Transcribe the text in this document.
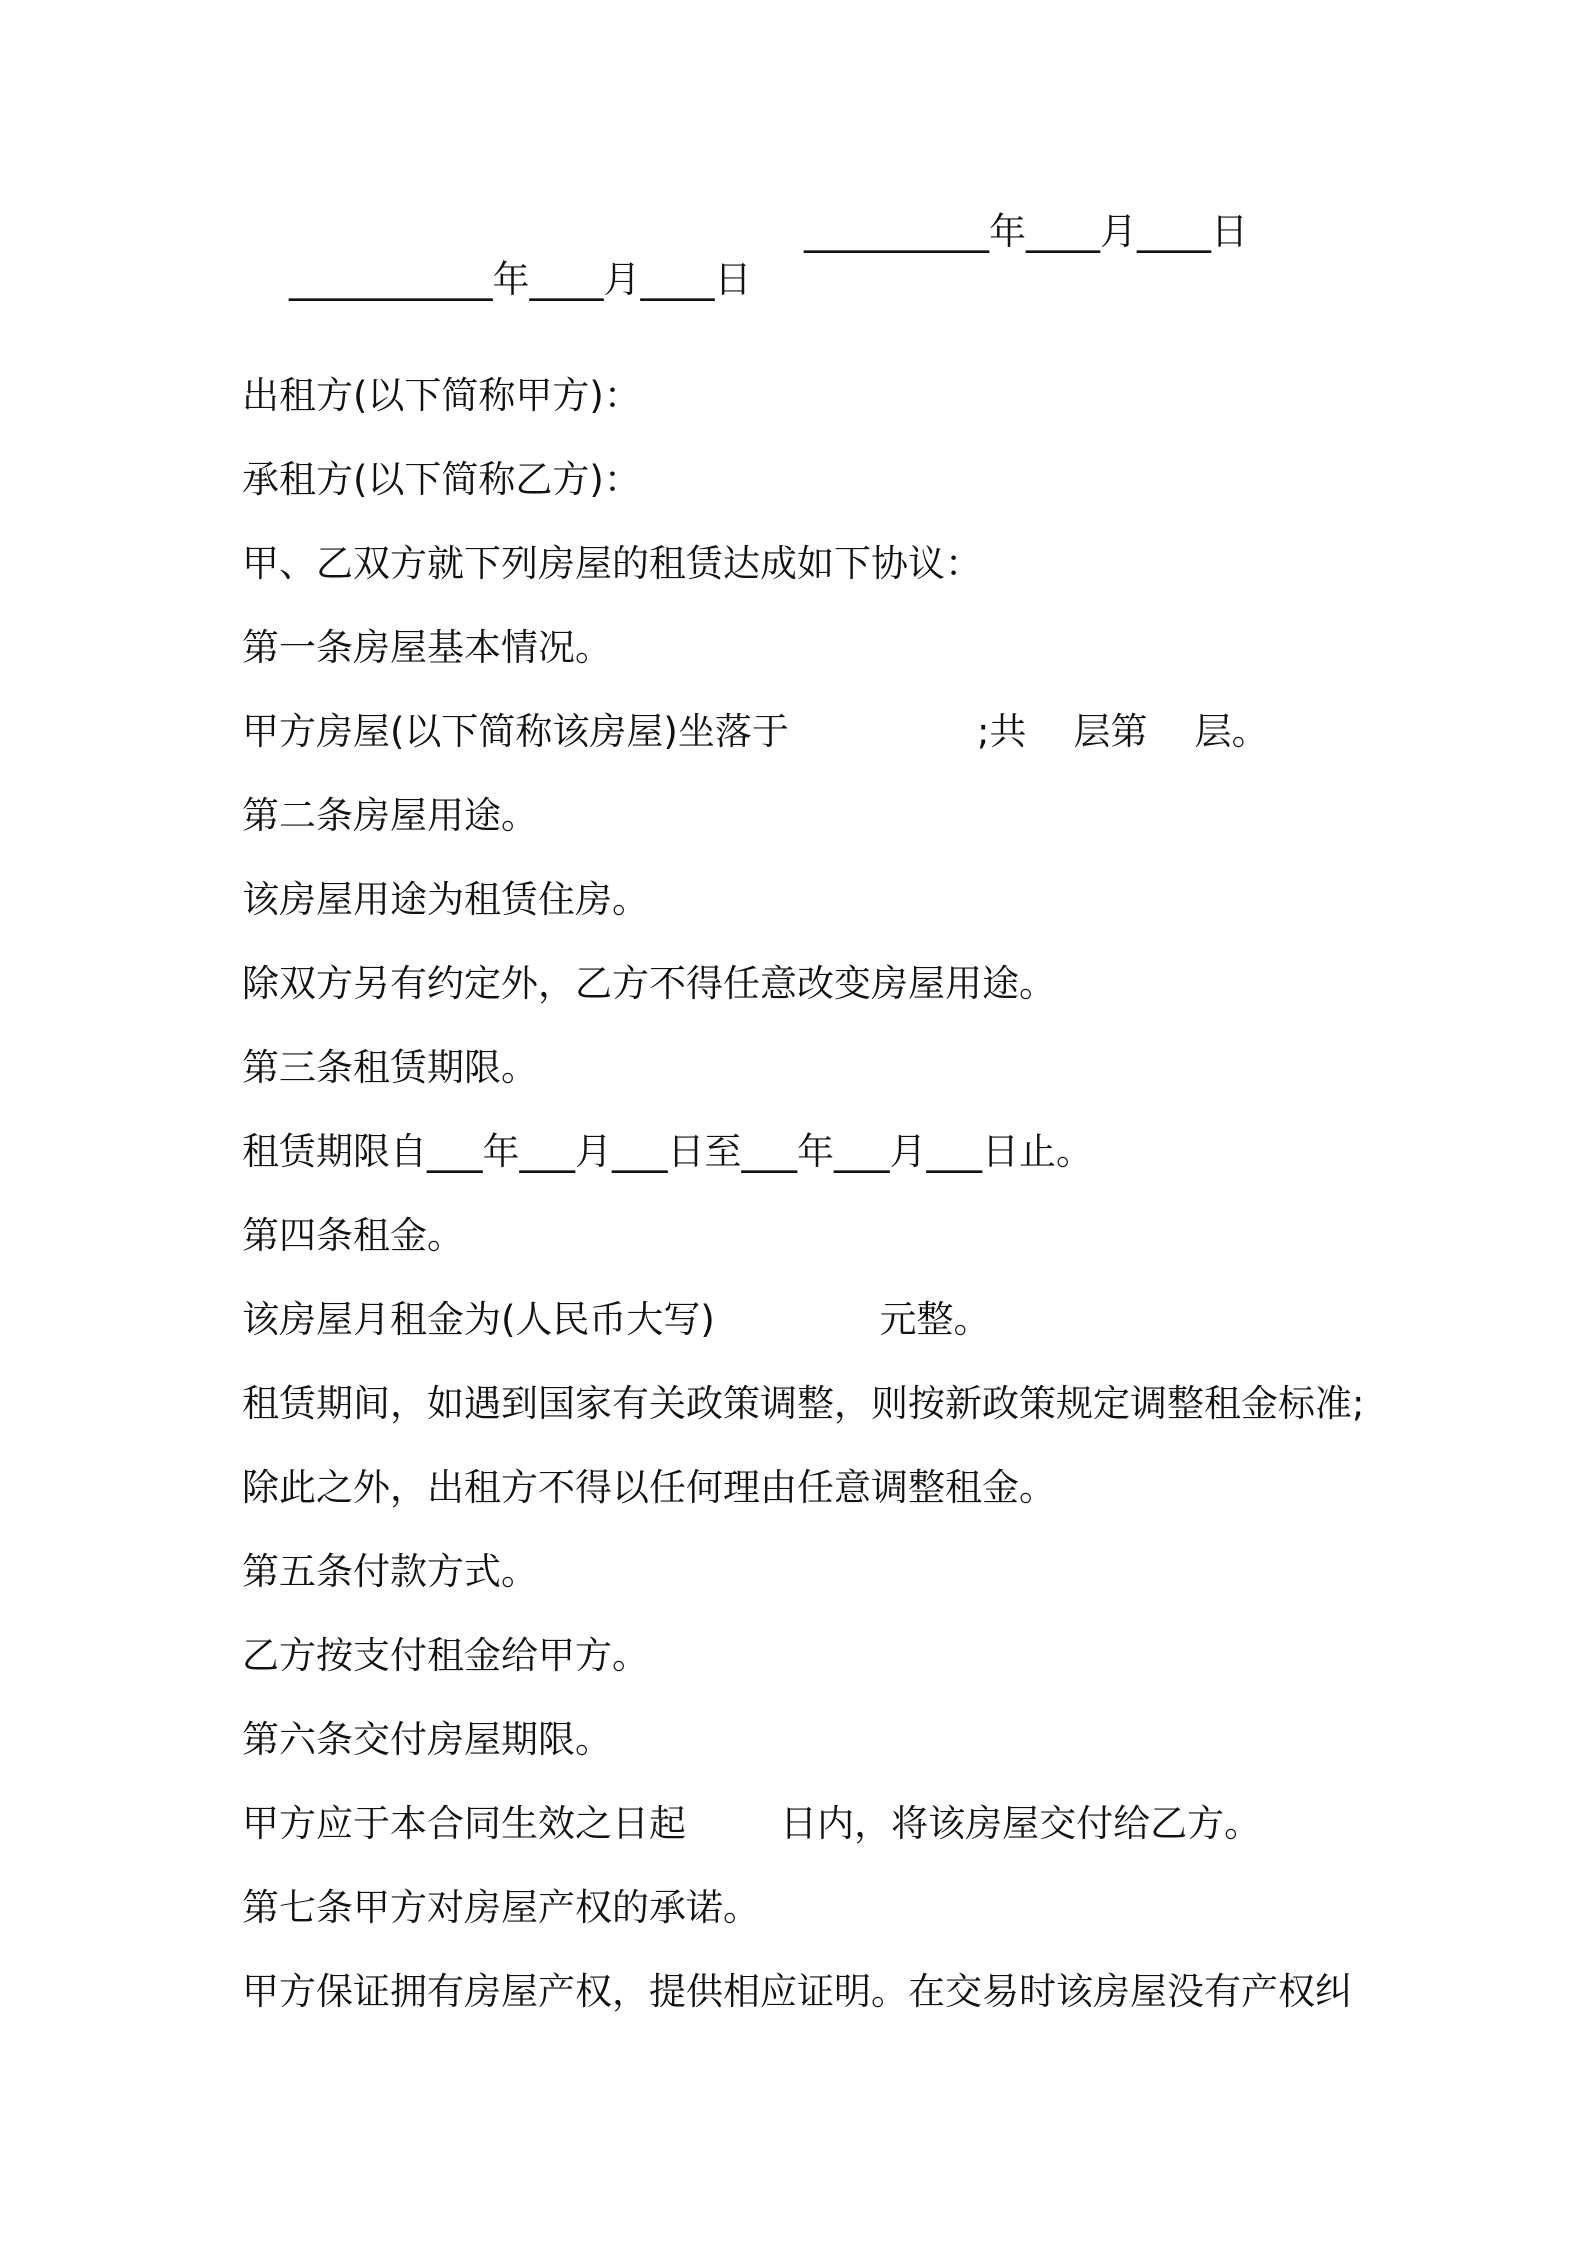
___________年____月____日

__________年____月____日

出租方(以下简称甲方)：
承租方(以下简称乙方)：
甲、乙双方就下列房屋的租赁达成如下协议：
第一条房屋基本情况。
甲方房屋(以下简称该房屋)坐落于                ;共    层第    层。
第二条房屋用途。
该房屋用途为租赁住房。
除双方另有约定外，乙方不得任意改变房屋用途。
第三条租赁期限。
租赁期限自___年___月___日至___年___月___日止。
第四条租金。
该房屋月租金为(人民币大写)              元整。
租赁期间，如遇到国家有关政策调整，则按新政策规定调整租金标准;
除此之外，出租方不得以任何理由任意调整租金。
第五条付款方式。
乙方按支付租金给甲方。
第六条交付房屋期限。
甲方应于本合同生效之日起        日内，将该房屋交付给乙方。
第七条甲方对房屋产权的承诺。
甲方保证拥有房屋产权，提供相应证明。在交易时该房屋没有产权纠
